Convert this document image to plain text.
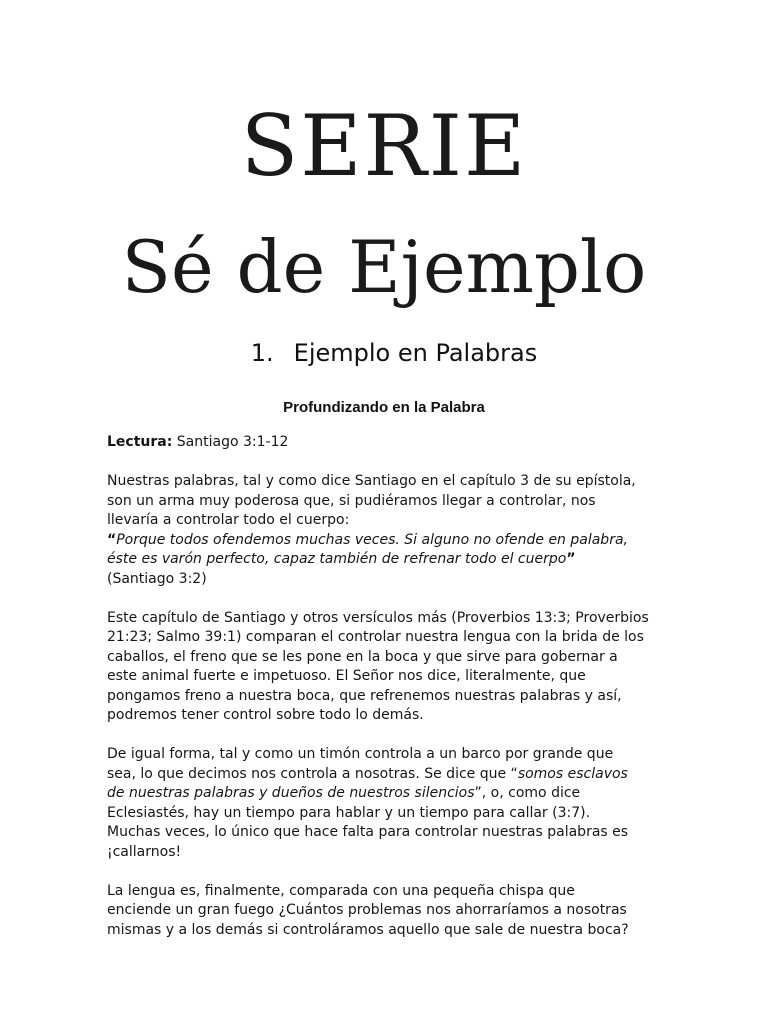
SERIE
Sé de Ejemplo
1. Ejemplo en Palabras
Profundizando en la Palabra

Lectura: Santiago 3:1-12

Nuestras palabras, tal y como dice Santiago en el capítulo 3 de su epístola,
son un arma muy poderosa que, si pudiéramos llegar a controlar, nos
llevaría a controlar todo el cuerpo:
“Porque todos ofendemos muchas veces. Si alguno no ofende en palabra,
éste es varón perfecto, capaz también de refrenar todo el cuerpo”
(Santiago 3:2)

Este capítulo de Santiago y otros versículos más (Proverbios 13:3; Proverbios
21:23; Salmo 39:1) comparan el controlar nuestra lengua con la brida de los
caballos, el freno que se les pone en la boca y que sirve para gobernar a
este animal fuerte e impetuoso. El Señor nos dice, literalmente, que
pongamos freno a nuestra boca, que refrenemos nuestras palabras y así,
podremos tener control sobre todo lo demás.

De igual forma, tal y como un timón controla a un barco por grande que
sea, lo que decimos nos controla a nosotras. Se dice que “somos esclavos
de nuestras palabras y dueños de nuestros silencios”, o, como dice
Eclesiastés, hay un tiempo para hablar y un tiempo para callar (3:7).
Muchas veces, lo único que hace falta para controlar nuestras palabras es
¡callarnos!

La lengua es, finalmente, comparada con una pequeña chispa que
enciende un gran fuego ¿Cuántos problemas nos ahorraríamos a nosotras
mismas y a los demás si controláramos aquello que sale de nuestra boca?
